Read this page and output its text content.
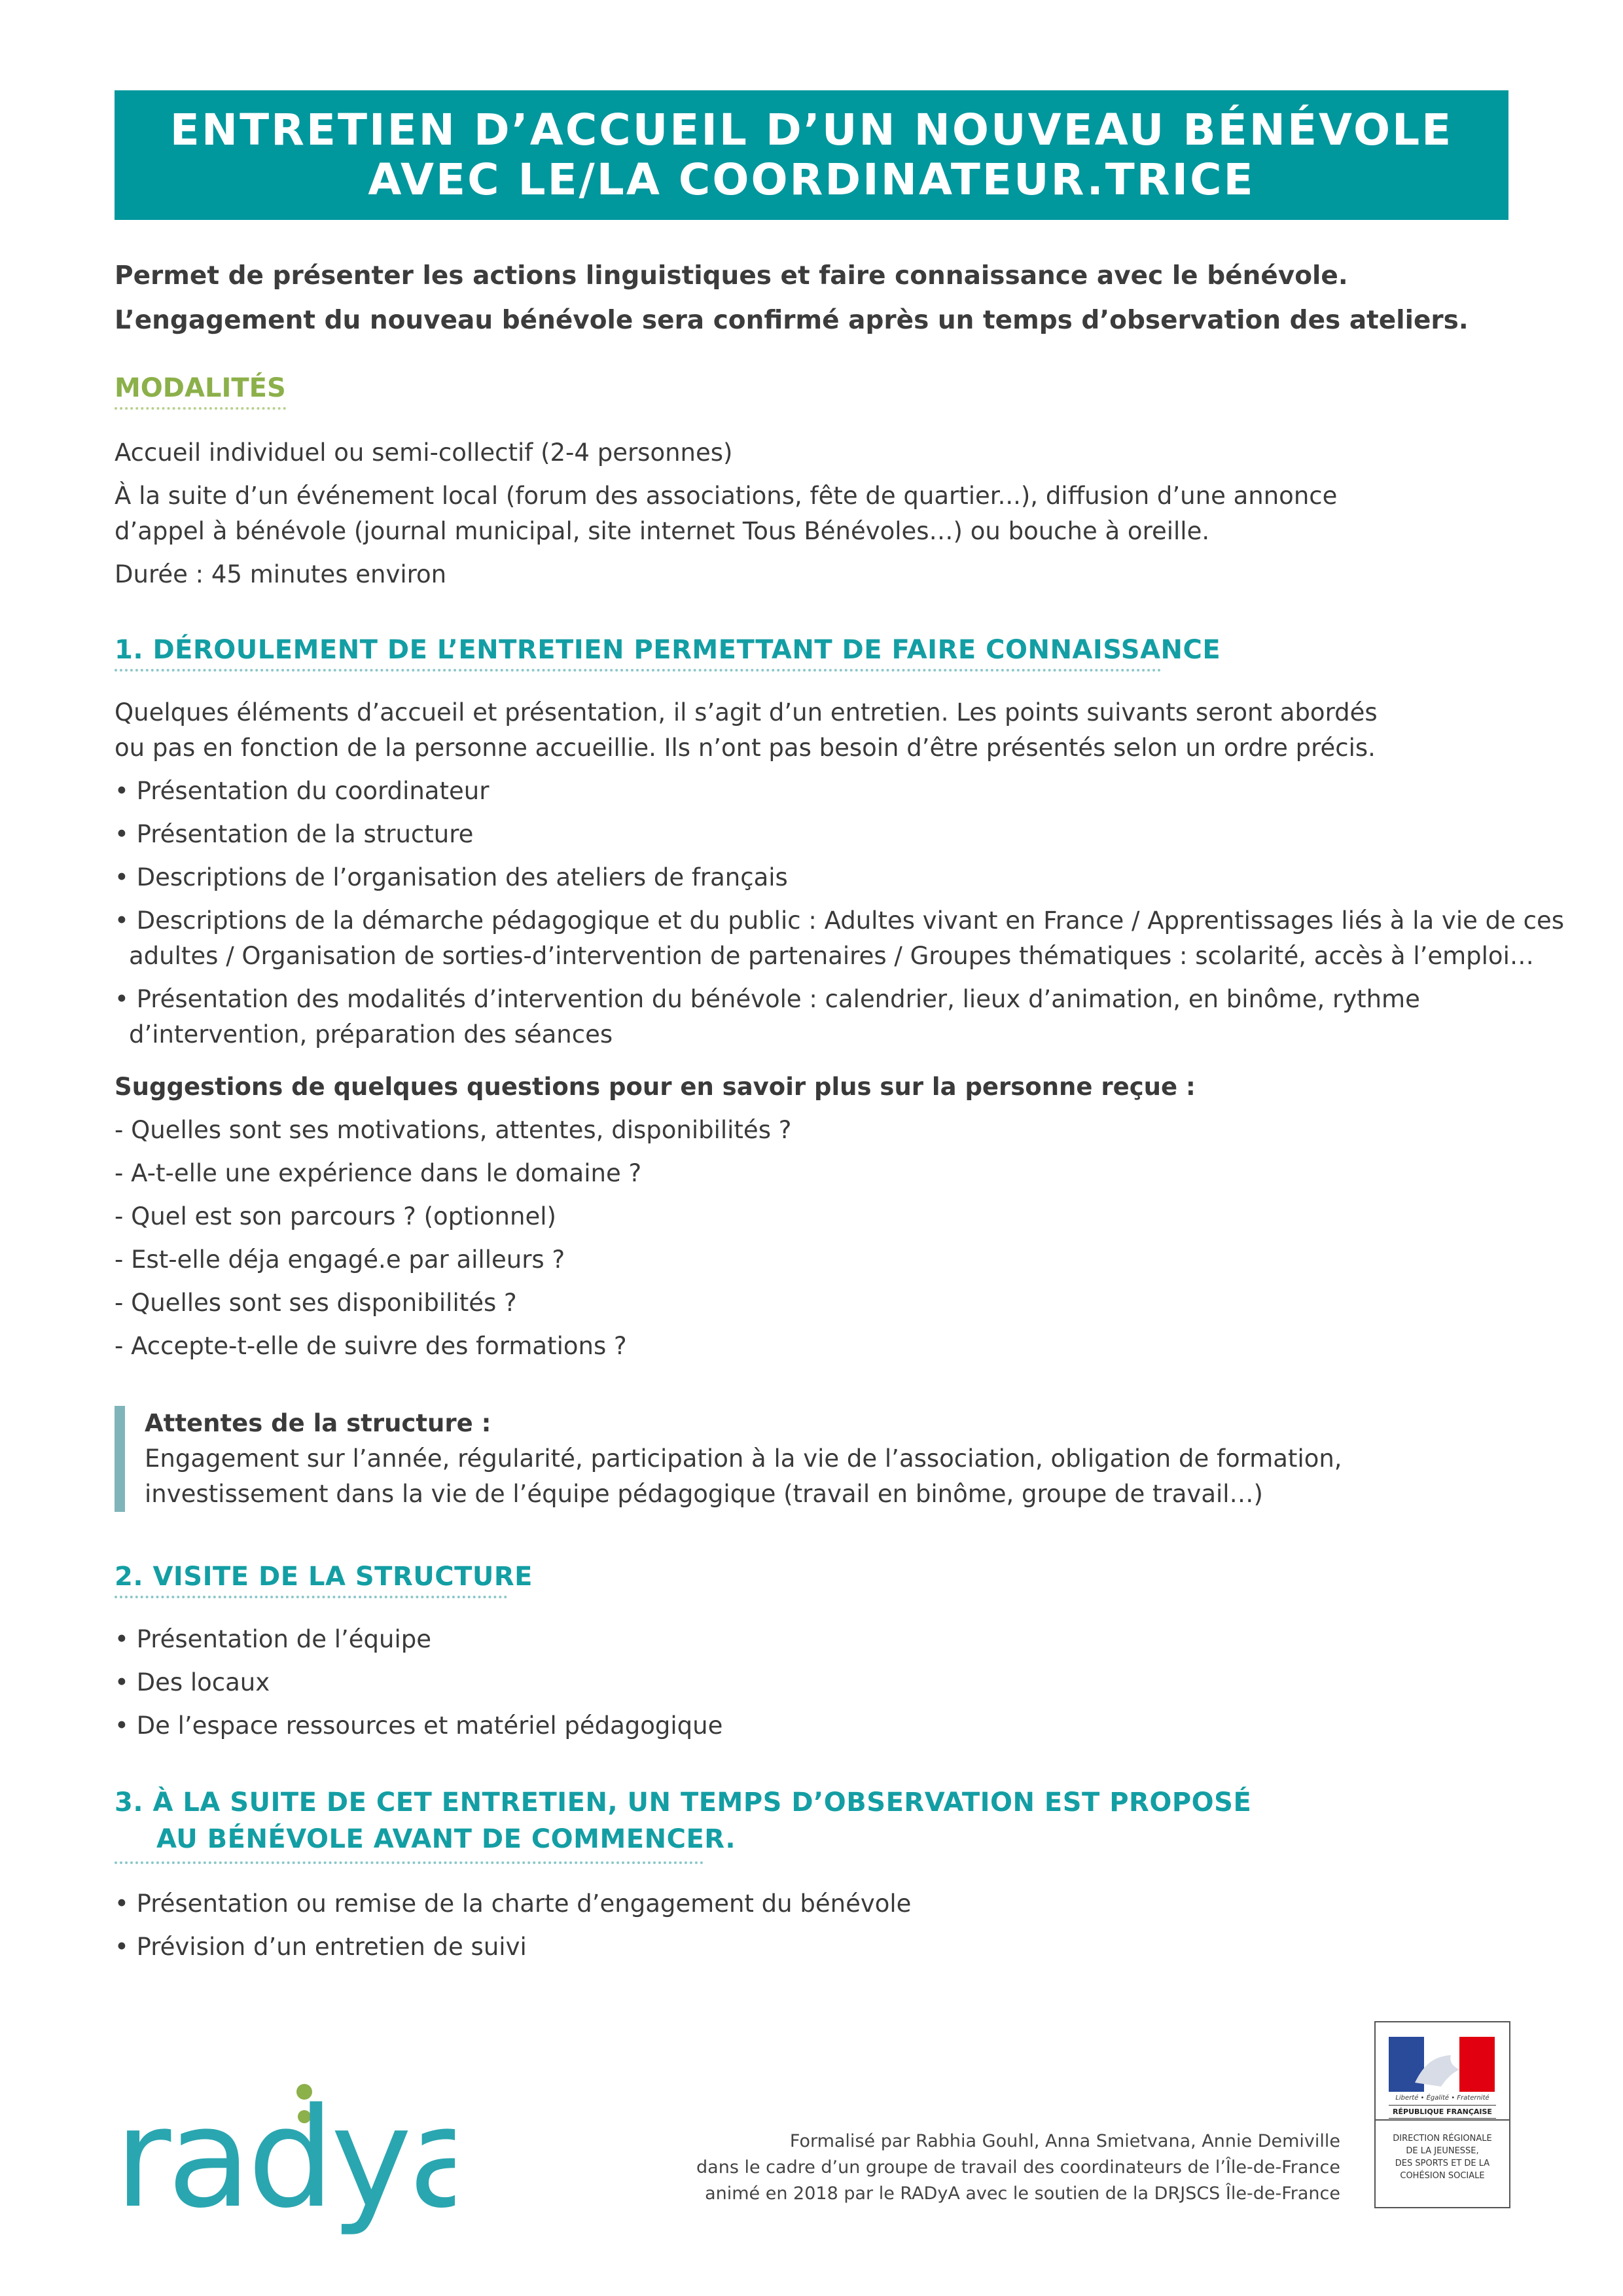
ENTRETIEN D’ACCUEIL D’UN NOUVEAU BÉNÉVOLE
AVEC LE/LA COORDINATEUR.TRICE
Permet de présenter les actions linguistiques et faire connaissance avec le bénévole.
L’engagement du nouveau bénévole sera confirmé après un temps d’observation des ateliers.
MODALITÉS
Accueil individuel ou semi-collectif (2-4 personnes)
À la suite d’un événement local (forum des associations, fête de quartier...), diffusion d’une annonce
d’appel à bénévole (journal municipal, site internet Tous Bénévoles…) ou bouche à oreille.
Durée : 45 minutes environ
1. DÉROULEMENT DE L’ENTRETIEN PERMETTANT DE FAIRE CONNAISSANCE
Quelques éléments d’accueil et présentation, il s’agit d’un entretien. Les points suivants seront abordés
ou pas en fonction de la personne accueillie. Ils n’ont pas besoin d’être présentés selon un ordre précis.
• Présentation du coordinateur
• Présentation de la structure
• Descriptions de l’organisation des ateliers de français
• Descriptions de la démarche pédagogique et du public : Adultes vivant en France / Apprentissages liés à la vie de ces
adultes / Organisation de sorties-d’intervention de partenaires / Groupes thématiques : scolarité, accès à l’emploi…
• Présentation des modalités d’intervention du bénévole : calendrier, lieux d’animation, en binôme, rythme
d’intervention, préparation des séances
Suggestions de quelques questions pour en savoir plus sur la personne reçue :
- Quelles sont ses motivations, attentes, disponibilités ?
- A-t-elle une expérience dans le domaine ?
- Quel est son parcours ? (optionnel)
- Est-elle déja engagé.e par ailleurs ?
- Quelles sont ses disponibilités ?
- Accepte-t-elle de suivre des formations ?
Attentes de la structure :
Engagement sur l’année, régularité, participation à la vie de l’association, obligation de formation,
investissement dans la vie de l’équipe pédagogique (travail en binôme, groupe de travail…)
2. VISITE DE LA STRUCTURE
• Présentation de l’équipe
• Des locaux
• De l’espace ressources et matériel pédagogique
3. À LA SUITE DE CET ENTRETIEN, UN TEMPS D’OBSERVATION EST PROPOSÉ
AU BÉNÉVOLE AVANT DE COMMENCER.
• Présentation ou remise de la charte d’engagement du bénévole
• Prévision d’un entretien de suivi
radya	Formalisé par Rabhia Gouhl, Anna Smietvana, Annie Demiville
dans le cadre d’un groupe de travail des coordinateurs de l’Île-de-France
animé en 2018 par le RADyA avec le soutien de la DRJSCS Île-de-France
Liberté • Égalité • Fraternité
RÉPUBLIQUE FRANÇAISE
DIRECTION RÉGIONALE
DE LA JEUNESSE,
DES SPORTS ET DE LA
COHÉSION SOCIALE
